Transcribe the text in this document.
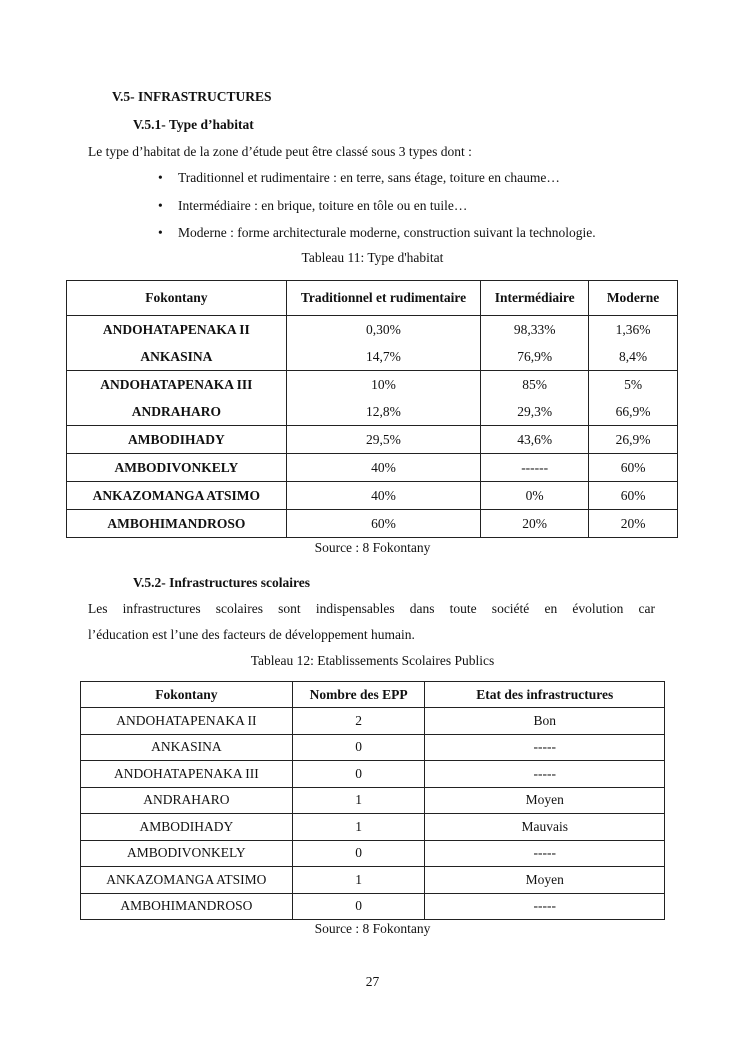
V.5- INFRASTRUCTURES
V.5.1- Type d’habitat
Le type d’habitat de la zone d’étude peut être classé sous 3 types dont :
• Traditionnel et rudimentaire : en terre, sans étage, toiture en chaume…
• Intermédiaire : en brique, toiture en tôle ou en tuile…
• Moderne : forme architecturale moderne, construction suivant la technologie.
Tableau 11: Type d'habitat
Fokontany	Traditionnel et rudimentaire	Intermédiaire	Moderne
ANDOHATAPENAKA II	0,30%	98,33%	1,36%
ANKASINA	14,7%	76,9%	8,4%
ANDOHATAPENAKA III	10%	85%	5%
ANDRAHARO	12,8%	29,3%	66,9%
AMBODIHADY	29,5%	43,6%	26,9%
AMBODIVONKELY	40%	------	60%
ANKAZOMANGA ATSIMO	40%	0%	60%
AMBOHIMANDROSO	60%	20%	20%
Source : 8 Fokontany
V.5.2- Infrastructures scolaires
Les infrastructures scolaires sont indispensables dans toute société en évolution car
l’éducation est l’une des facteurs de développement humain.
Tableau 12: Etablissements Scolaires Publics
Fokontany	Nombre des EPP	Etat des infrastructures
ANDOHATAPENAKA II	2	Bon
ANKASINA	0	-----
ANDOHATAPENAKA III	0	-----
ANDRAHARO	1	Moyen
AMBODIHADY	1	Mauvais
AMBODIVONKELY	0	-----
ANKAZOMANGA ATSIMO	1	Moyen
AMBOHIMANDROSO	0	-----
Source : 8 Fokontany
27
